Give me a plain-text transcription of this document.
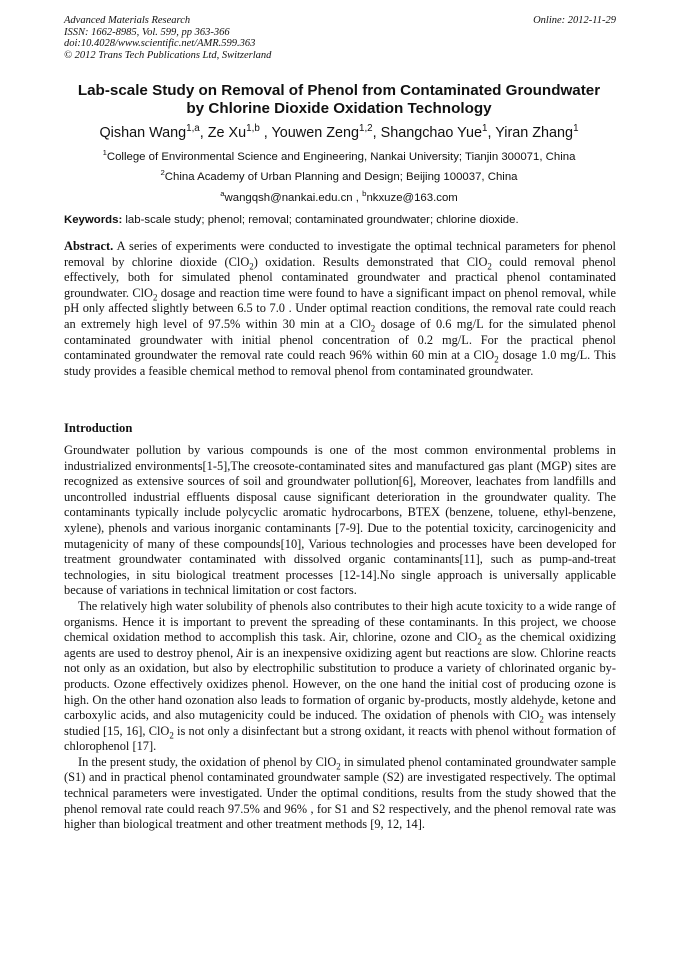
Advanced Materials Research
ISSN: 1662-8985, Vol. 599, pp 363-366
doi:10.4028/www.scientific.net/AMR.599.363
© 2012 Trans Tech Publications Ltd, Switzerland
Online: 2012-11-29
Lab-scale Study on Removal of Phenol from Contaminated Groundwater
by Chlorine Dioxide Oxidation Technology
Qishan Wang$^{1,a}$, Ze Xu$^{1,b}$ , Youwen Zeng$^{1,2}$, Shangchao Yue$^1$, Yiran Zhang$^1$
$^1$College of Environmental Science and Engineering, Nankai University; Tianjin 300071, China
$^2$China Academy of Urban Planning and Design; Beijing 100037, China
$^a$wangqsh@nankai.edu.cn , $^b$nkxuze@163.com
Keywords: lab-scale study; phenol; removal; contaminated groundwater; chlorine dioxide.

Abstract. A series of experiments were conducted to investigate the optimal technical parameters for phenol removal by chlorine dioxide (ClO$_2$) oxidation. Results demonstrated that ClO$_2$ could removal phenol effectively, both for simulated phenol contaminated groundwater and practical phenol contaminated groundwater. ClO$_2$ dosage and reaction time were found to have a significant impact on phenol removal, while pH only affected slightly between 6.5 to 7.0 . Under optimal reaction conditions, the removal rate could reach an extremely high level of 97.5% within 30 min at a ClO$_2$ dosage of 0.6 mg/L for the simulated phenol contaminated groundwater with initial phenol concentration of 0.2 mg/L. For the practical phenol contaminated groundwater the removal rate could reach 96% within 60 min at a ClO$_2$ dosage 1.0 mg/L. This study provides a feasible chemical method to removal phenol from contaminated groundwater.

Introduction

Groundwater pollution by various compounds is one of the most common environmental problems in industrialized environments[1-5],The creosote-contaminated sites and manufactured gas plant (MGP) sites are recognized as extensive sources of soil and groundwater pollution[6], Moreover, leachates from landfills and uncontrolled industrial effluents disposal cause significant deterioration in the groundwater quality. The contaminants typically include polycyclic aromatic hydrocarbons, BTEX (benzene, toluene, ethyl-benzene, xylene), phenols and various inorganic contaminants [7-9]. Due to the potential toxicity, carcinogenicity and mutagenicity of many of these compounds[10], Various technologies and processes have been developed for treatment groundwater contaminated with dissolved organic contaminants[11], such as pump-and-treat technologies, in situ biological treatment processes [12-14].No single approach is universally applicable because of variations in technical limitation or cost factors.

The relatively high water solubility of phenols also contributes to their high acute toxicity to a wide range of organisms. Hence it is important to prevent the spreading of these contaminants. In this project, we choose chemical oxidation method to accomplish this task. Air, chlorine, ozone and ClO$_2$ as the chemical oxidizing agents are used to destroy phenol, Air is an inexpensive oxidizing agent but reactions are slow. Chlorine reacts not only as an oxidation, but also by electrophilic substitution to produce a variety of chlorinated organic by-products. Ozone effectively oxidizes phenol. However, on the one hand the initial cost of producing ozone is high. On the other hand ozonation also leads to formation of organic by-products, mostly aldehyde, ketone and carboxylic acids, and also mutagenicity could be induced. The oxidation of phenols with ClO$_2$ was intensely studied [15, 16], ClO$_2$ is not only a disinfectant but a strong oxidant, it reacts with phenol without formation of chlorophenol [17].

In the present study, the oxidation of phenol by ClO$_2$ in simulated phenol contaminated groundwater sample (S1) and in practical phenol contaminated groundwater sample (S2) are investigated respectively. The optimal technical parameters were investigated. Under the optimal conditions, results from the study showed that the phenol removal rate could reach 97.5% and 96% , for S1 and S2 respectively, and the phenol removal rate was higher than biological treatment and other treatment methods [9, 12, 14].
